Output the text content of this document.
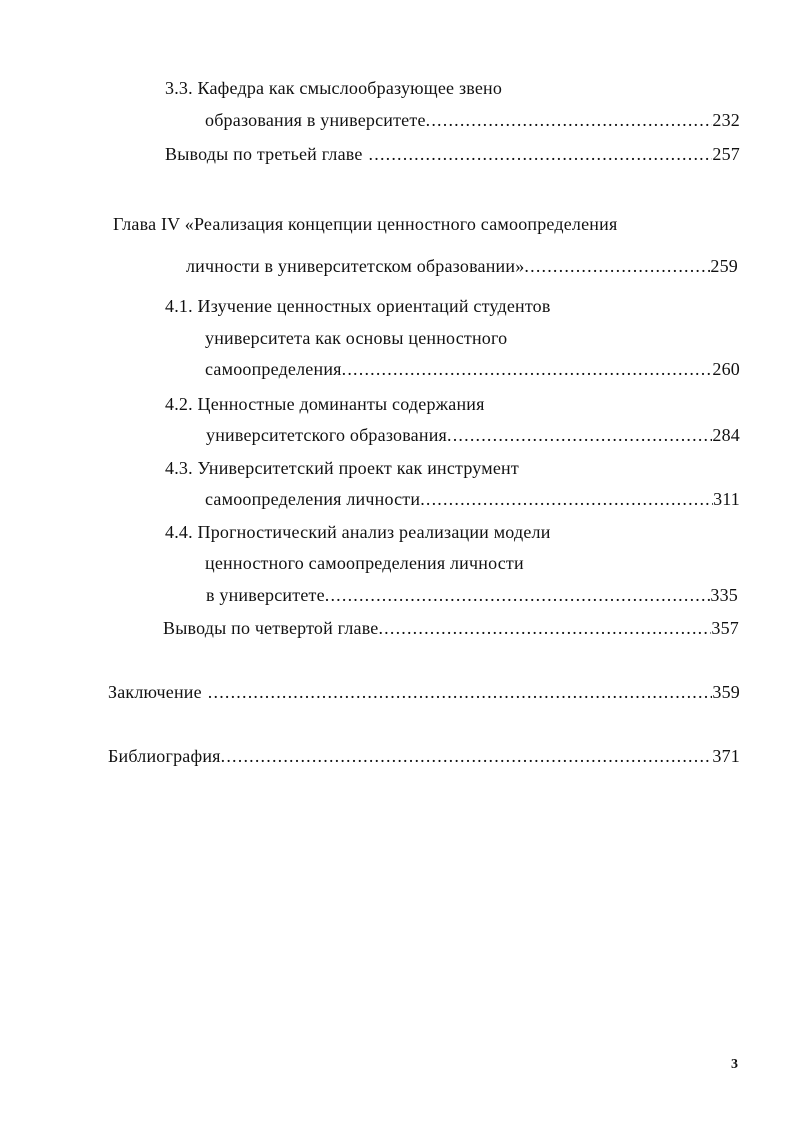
3.3. Кафедра как смыслообразующее звено
образования в университете .....	232
Выводы по третьей главе .....	257
Глава IV «Реализация концепции ценностного самоопределения
личности в университетском образовании» .....	259
4.1. Изучение ценностных ориентаций студентов
университета как основы ценностного
самоопределения .....	260
4.2. Ценностные доминанты содержания
университетского образования .....	284
4.3. Университетский проект как инструмент
самоопределения личности .....	311
4.4. Прогностический анализ реализации модели
ценностного самоопределения личности
в университете .....	335
Выводы по четвертой главе .....	357
Заключение .....	359
Библиография .....	371
3
